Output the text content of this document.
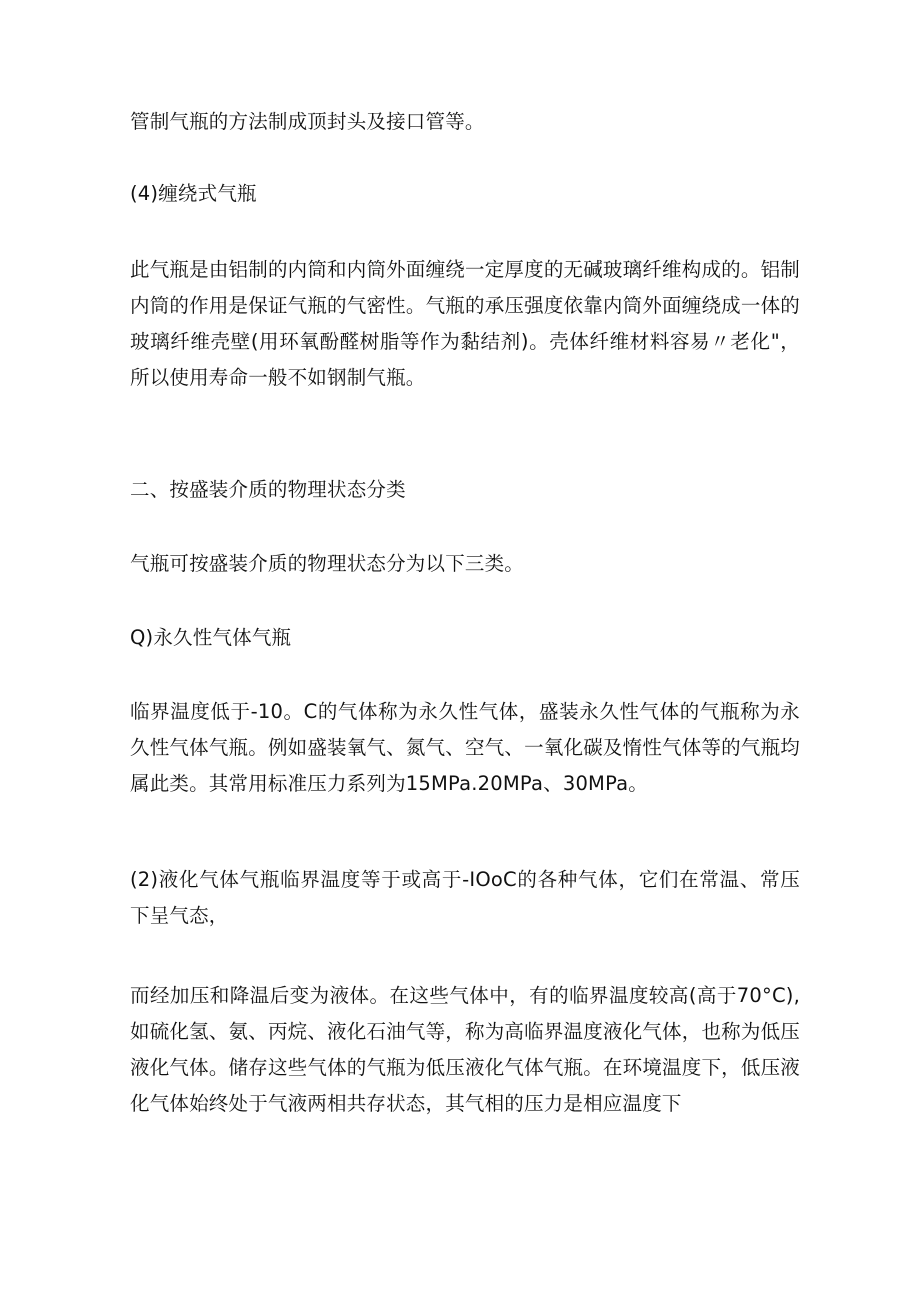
管制气瓶的方法制成顶封头及接口管等。

(4)缠绕式气瓶

此气瓶是由铝制的内筒和内筒外面缠绕一定厚度的无碱玻璃纤维构成的。铝制内筒的作用是保证气瓶的气密性。气瓶的承压强度依靠内筒外面缠绕成一体的玻璃纤维壳壁(用环氧酚醛树脂等作为黏结剂)。壳体纤维材料容易〃老化"，所以使用寿命一般不如钢制气瓶。

二、按盛装介质的物理状态分类

气瓶可按盛装介质的物理状态分为以下三类。

Q)永久性气体气瓶

临界温度低于-10。C的气体称为永久性气体，盛装永久性气体的气瓶称为永久性气体气瓶。例如盛装氧气、氮气、空气、一氧化碳及惰性气体等的气瓶均属此类。其常用标准压力系列为15MPa.20MPa、30MPa。

(2)液化气体气瓶临界温度等于或高于-IOoC的各种气体，它们在常温、常压下呈气态，

而经加压和降温后变为液体。在这些气体中，有的临界温度较高(高于70°C),如硫化氢、氨、丙烷、液化石油气等，称为高临界温度液化气体，也称为低压液化气体。储存这些气体的气瓶为低压液化气体气瓶。在环境温度下，低压液化气体始终处于气液两相共存状态，其气相的压力是相应温度下
